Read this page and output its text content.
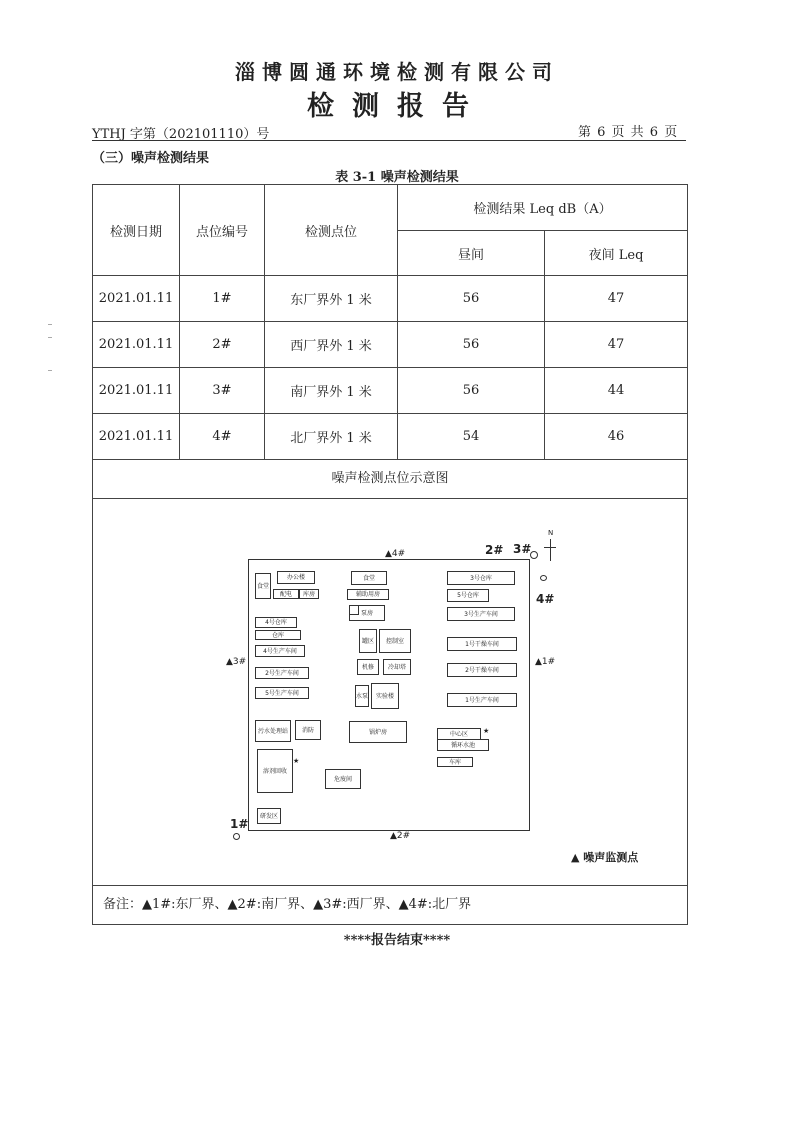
淄博圆通环境检测有限公司
检测报告
YTHJ 字第（202101110）号	第 6 页 共 6 页
（三）噪声检测结果
表 3-1 噪声检测结果
检测日期	点位编号	检测点位	检测结果 Leq dB（A）	
			昼间	夜间 Leq
2021.01.11	1#	东厂界外 1 米	56	47
2021.01.11	2#	西厂界外 1 米	56	47
2021.01.11	3#	南厂界外 1 米	56	44
2021.01.11	4#	北厂界外 1 米	54	46
噪声检测点位示意图
N
2# 3#
4#
1#
▲4#
▲2#
▲3#	▲1#
食堂
办公楼
配电	库房
4号仓库
仓库
4号生产车间
2号生产车间
5号生产车间
污水处理站	消防
溶剂回收
★
研发区
食堂
辅助用房
泵房
罐区	控制室
机修	冷却塔
水泵	实验楼
锅炉房
危废间
3号仓库
5号仓库
3号生产车间
1号干燥车间
2号干燥车间
1号生产车间
中心区	★
循环水池
车库
▲ 噪声监测点
备注：▲1#:东厂界、▲2#:南厂界、▲3#:西厂界、▲4#:北厂界
****报告结束****
